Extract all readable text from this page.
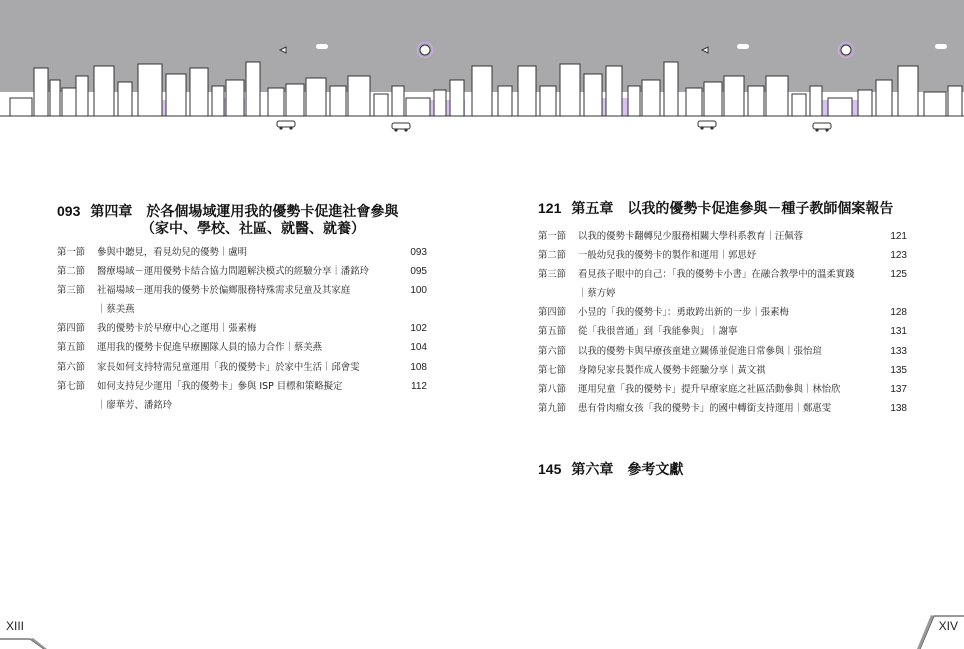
093 第四章　於各個場域運用我的優勢卡促進社會參與
（家中、學校、社區、就醫、就養）
第一節 參與中聽見，看見幼兒的優勢｜盧明	093
第二節 醫療場域－運用優勢卡結合協力問題解決模式的經驗分享｜潘銘玲	095
第三節 社福場域－運用我的優勢卡於偏鄉服務特殊需求兒童及其家庭	100
｜蔡美燕
第四節 我的優勢卡於早療中心之運用｜張素梅	102
第五節 運用我的優勢卡促進早療團隊人員的協力合作｜蔡美燕	104
第六節 家長如何支持特需兒童運用「我的優勢卡」於家中生活｜邱會雯	108
第七節 如何支持兒少運用「我的優勢卡」參與 ISP 目標和策略擬定	112
｜廖華芳、潘銘玲
121 第五章　以我的優勢卡促進參與－種子教師個案報告
第一節 以我的優勢卡翻轉兒少服務相關大學科系教育｜汪佩蓉	121
第二節 一般幼兒我的優勢卡的製作和運用｜郭思妤	123
第三節 看見孩子眼中的自己：「我的優勢卡小書」在融合教學中的溫柔實踐	125
｜蔡方婷
第四節 小昱的「我的優勢卡」：勇敢跨出新的一步｜張素梅	128
第五節 從「我很普通」到「我能參與」｜謝寧	131
第六節 以我的優勢卡與早療孩童建立關係並促進日常參與｜張怡瑄	133
第七節 身障兒家長製作成人優勢卡經驗分享｜黃文祺	135
第八節 運用兒童「我的優勢卡」提升早療家庭之社區活動參與｜林怡欣	137
第九節 患有骨肉瘤女孩「我的優勢卡」的國中轉銜支持運用｜鄭惠雯	138
145 第六章　參考文獻
XIII	XIV
